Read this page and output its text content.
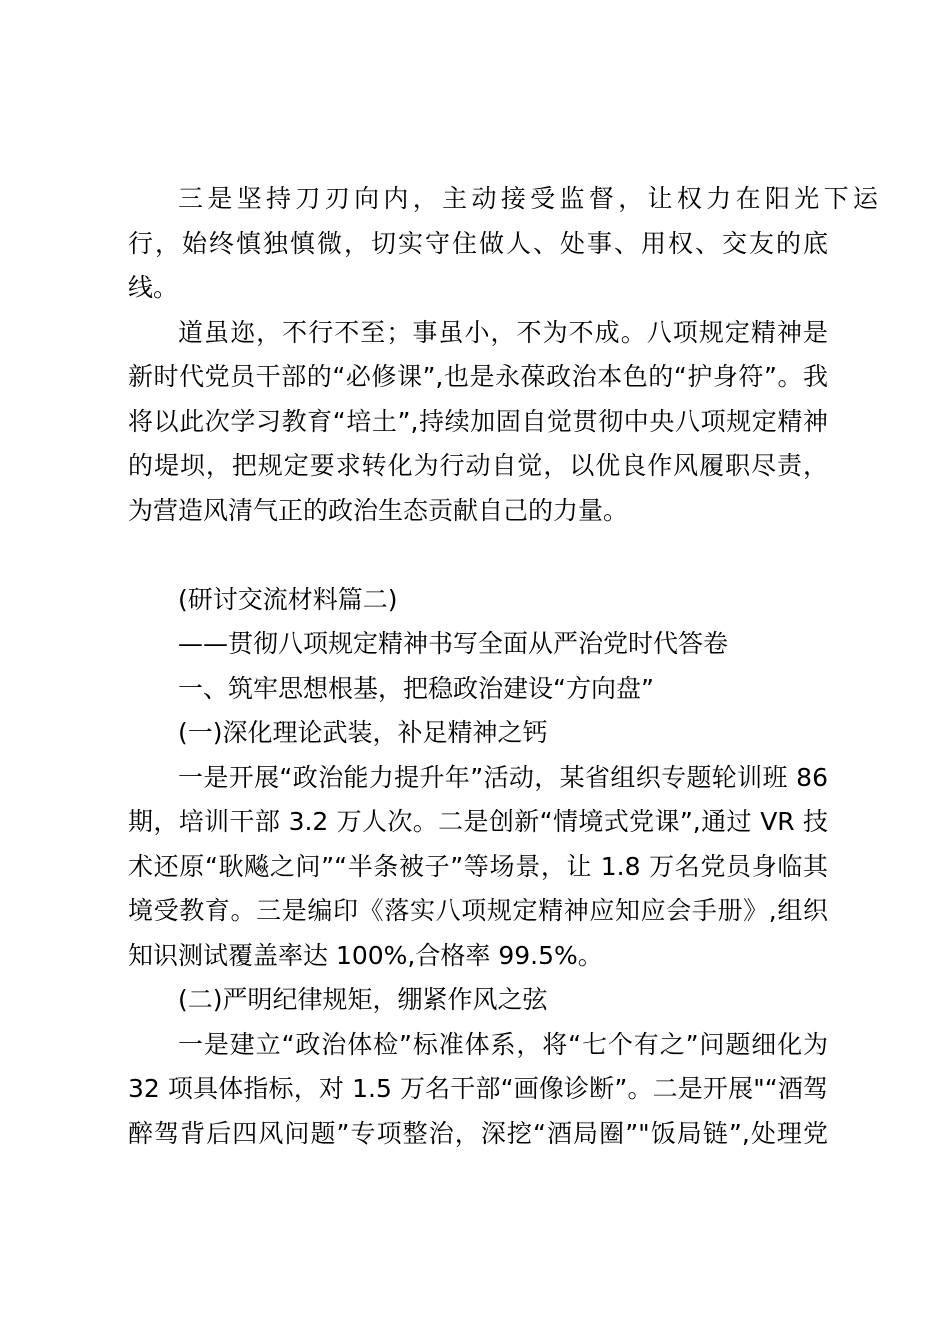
三是坚持刀刃向内，主动接受监督，让权力在阳光下运
行，始终慎独慎微，切实守住做人、处事、用权、交友的底
线。
道虽迩，不行不至；事虽小，不为不成。八项规定精神是
新时代党员干部的“必修课”,也是永葆政治本色的“护身符”。我
将以此次学习教育“培土”,持续加固自觉贯彻中央八项规定精神
的堤坝，把规定要求转化为行动自觉，以优良作风履职尽责，
为营造风清气正的政治生态贡献自己的力量。
(研讨交流材料篇二)
——贯彻八项规定精神书写全面从严治党时代答卷
一、筑牢思想根基，把稳政治建设“方向盘”
(一)深化理论武装，补足精神之钙
一是开展“政治能力提升年”活动，某省组织专题轮训班 86
期，培训干部 3.2 万人次。二是创新“情境式党课”,通过 VR 技
术还原“耿飚之问”“半条被子”等场景，让 1.8 万名党员身临其
境受教育。三是编印《落实八项规定精神应知应会手册》,组织
知识测试覆盖率达 100%,合格率 99.5%。
(二)严明纪律规矩，绷紧作风之弦
一是建立“政治体检”标准体系，将“七个有之”问题细化为
32 项具体指标，对 1.5 万名干部“画像诊断”。二是开展"“酒驾
醉驾背后四风问题”专项整治，深挖“酒局圈”"饭局链”,处理党
